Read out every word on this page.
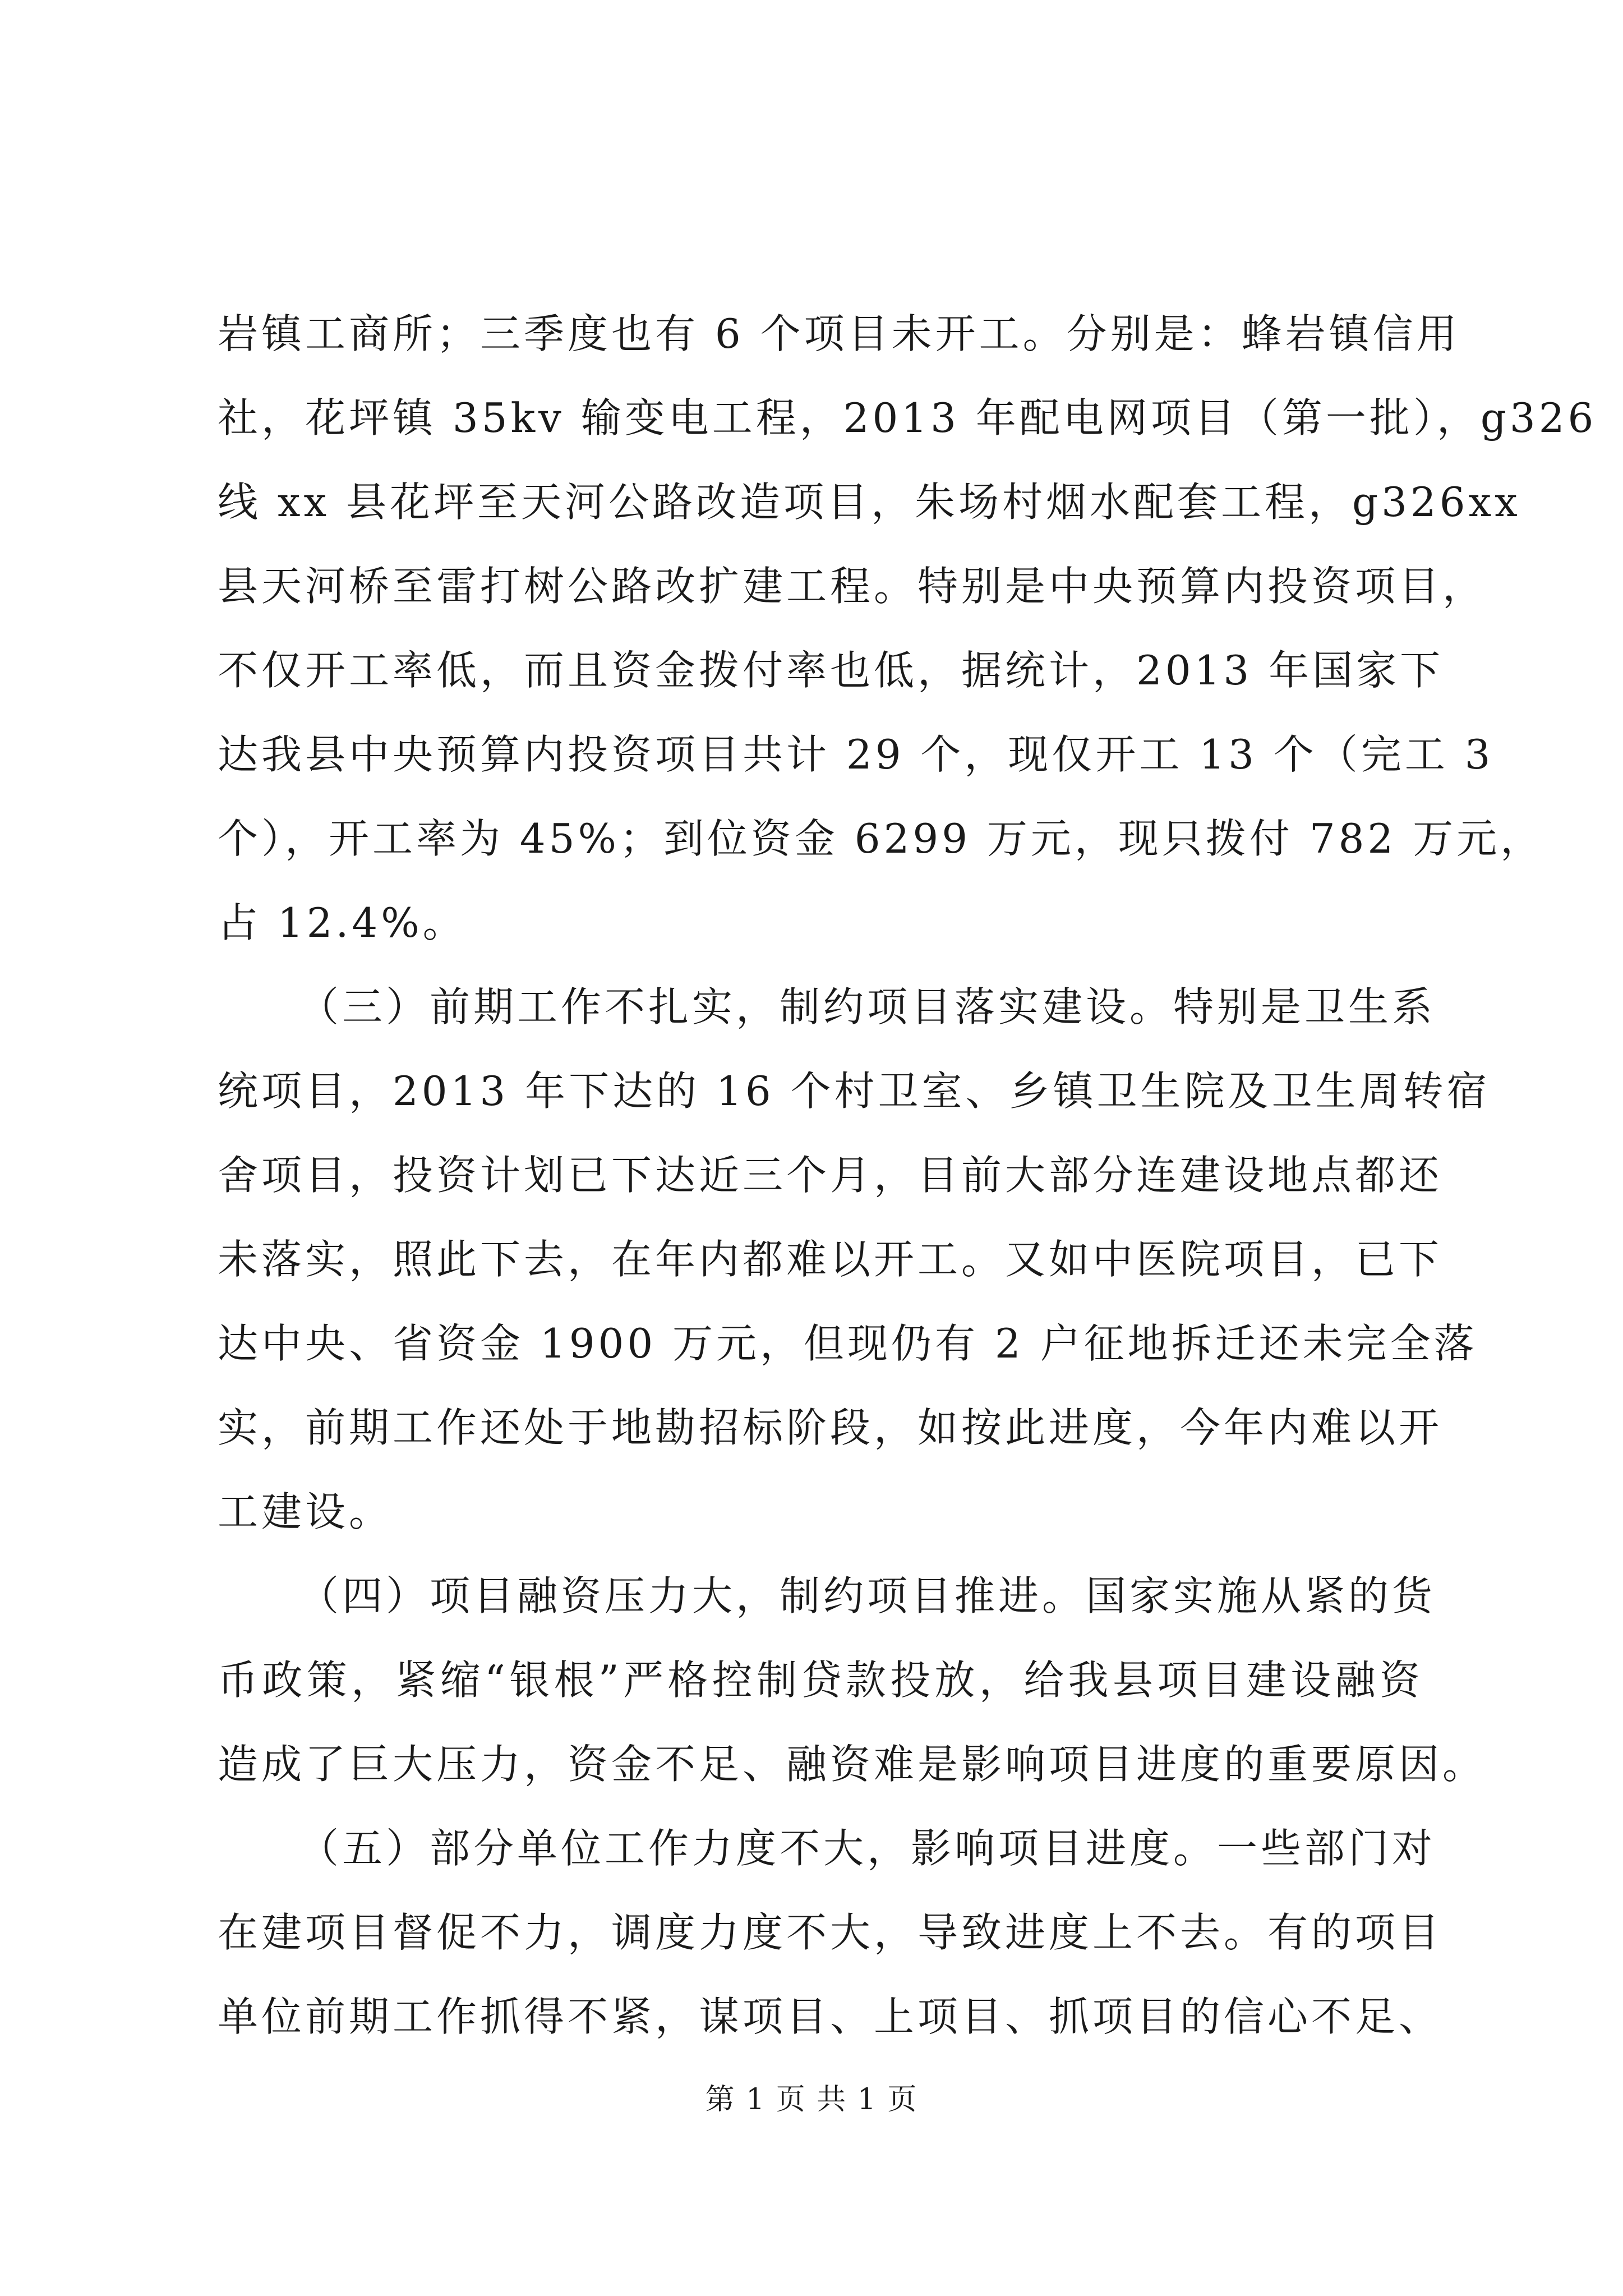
岩镇工商所；三季度也有 6 个项目未开工。分别是：蜂岩镇信用
社，花坪镇 35kv 输变电工程，2013 年配电网项目（第一批），g326
线 xx 县花坪至天河公路改造项目，朱场村烟水配套工程，g326xx
县天河桥至雷打树公路改扩建工程。特别是中央预算内投资项目，
不仅开工率低，而且资金拨付率也低，据统计，2013 年国家下
达我县中央预算内投资项目共计 29 个，现仅开工 13 个（完工 3
个），开工率为 45%；到位资金 6299 万元，现只拨付 782 万元，
占 12.4%。
（三）前期工作不扎实，制约项目落实建设。特别是卫生系
统项目，2013 年下达的 16 个村卫室、乡镇卫生院及卫生周转宿
舍项目，投资计划已下达近三个月，目前大部分连建设地点都还
未落实，照此下去，在年内都难以开工。又如中医院项目，已下
达中央、省资金 1900 万元，但现仍有 2 户征地拆迁还未完全落
实，前期工作还处于地勘招标阶段，如按此进度，今年内难以开
工建设。
（四）项目融资压力大，制约项目推进。国家实施从紧的货
币政策，紧缩“银根”严格控制贷款投放，给我县项目建设融资
造成了巨大压力，资金不足、融资难是影响项目进度的重要原因。
（五）部分单位工作力度不大，影响项目进度。一些部门对
在建项目督促不力，调度力度不大，导致进度上不去。有的项目
单位前期工作抓得不紧，谋项目、上项目、抓项目的信心不足、
第 1 页 共 1 页
